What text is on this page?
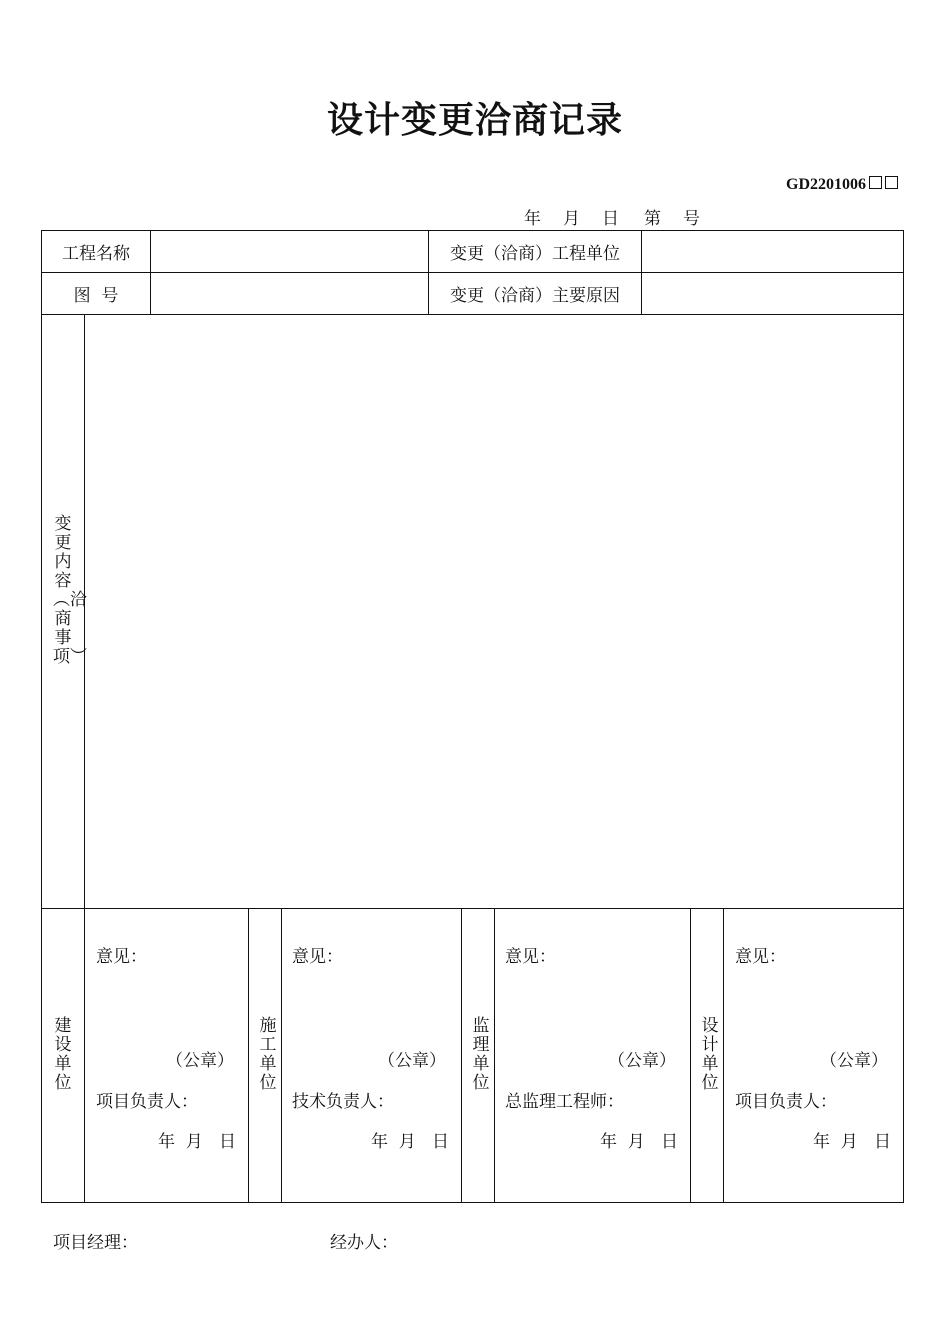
设计变更洽商记录
GD2201006
年 月 日 第 号
工程名称	变更（洽商）工程单位
图  号	变更（洽商）主要原因
变更内容︵洽商事项︶
建设单位
意见：
（公章）
项目负责人：
年  月   日
施工单位
意见：
（公章）
技术负责人：
年  月   日
监理单位
意见：
（公章）
总监理工程师：
年  月   日
设计单位
意见：
（公章）
项目负责人：
年  月   日
项目经理：	经办人：
